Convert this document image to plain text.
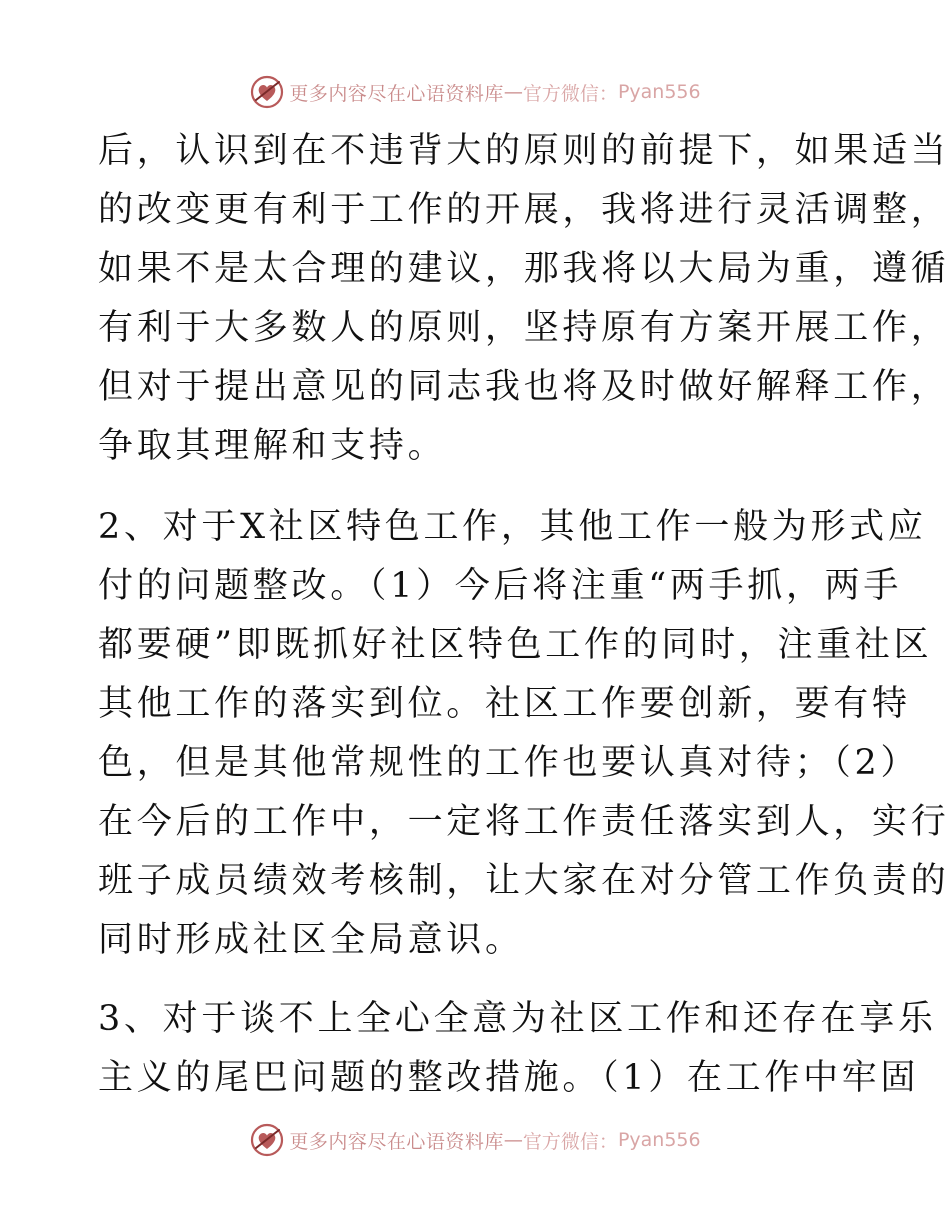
更多内容尽在心语资料库 — 官方微信： Pyan556
后，认识到在不违背大的原则的前提下，如果适当
的改变更有利于工作的开展，我将进行灵活调整，
如果不是太合理的建议，那我将以大局为重，遵循
有利于大多数人的原则，坚持原有方案开展工作，
但对于提出意见的同志我也将及时做好解释工作，
争取其理解和支持。
2、对于X社区特色工作，其他工作一般为形式应
付的问题整改。（1）今后将注重“两手抓，两手
都要硬”即既抓好社区特色工作的同时，注重社区
其他工作的落实到位。社区工作要创新，要有特
色，但是其他常规性的工作也要认真对待；（2）
在今后的工作中，一定将工作责任落实到人，实行
班子成员绩效考核制，让大家在对分管工作负责的
同时形成社区全局意识。
3、对于谈不上全心全意为社区工作和还存在享乐
主义的尾巴问题的整改措施。（1）在工作中牢固
更多内容尽在心语资料库 — 官方微信： Pyan556
